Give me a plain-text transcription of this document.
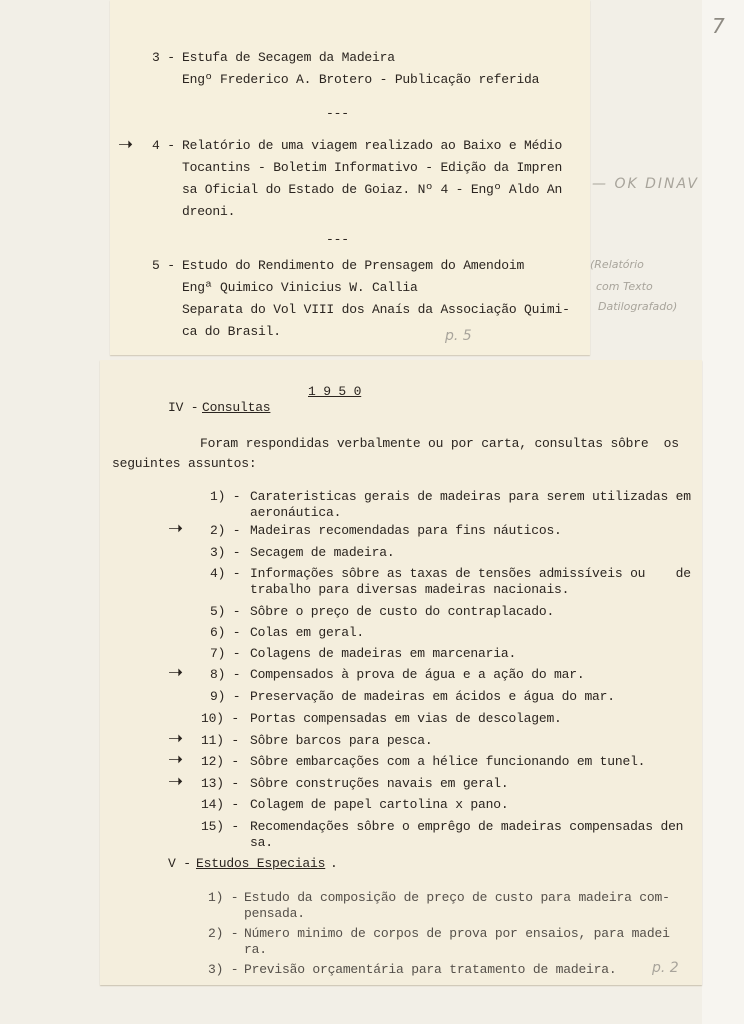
3 - Estufa de Secagem da Madeira
Engº Frederico A. Brotero - Publicação referida
4 - Relatório de uma viagem realizado ao Baixo e Médio
Tocantins - Boletim Informativo - Edição da Impren
sa Oficial do Estado de Goiaz. Nº 4 - Engº Aldo An
dreoni.
➝
5 - Estudo do Rendimento de Prensagem do Amendoim
Engª Quimico Vinicius W. Callia
Separata do Vol VIII dos Anaís da Associação Quimi-
ca do Brasil.
---
---
1 9 5 0
IV - Consultas
Foram respondidas verbalmente ou por carta, consultas sôbre  os
seguintes assuntos:
1) - Carateristicas gerais de madeiras para serem utilizadas em
aeronáutica.
2) - Madeiras recomendadas para fins náuticos.
➝
3) - Secagem de madeira.
4) - Informações sôbre as taxas de tensões admissíveis ou    de
trabalho para diversas madeiras nacionais.
5) - Sôbre o preço de custo do contraplacado.
6) - Colas em geral.
7) - Colagens de madeiras em marcenaria.
8) - Compensados à prova de água e a ação do mar.
➝
9) - Preservação de madeiras em ácidos e água do mar.
10) - Portas compensadas em vias de descolagem.
11) - Sôbre barcos para pesca.
➝
12) - Sôbre embarcações com a hélice funcionando em tunel.
➝
13) - Sôbre construções navais em geral.
➝
14) - Colagem de papel cartolina x pano.
15) - Recomendações sôbre o emprêgo de madeiras compensadas den
sa.
V - Estudos Especiais .
1) - Estudo da composição de preço de custo para madeira com-
pensada.
2) - Número minimo de corpos de prova por ensaios, para madei
ra.
3) - Previsão orçamentária para tratamento de madeira.
7
— OK DINAV
(Relatório
com Texto
Datilografado)
p. 5
p. 2
